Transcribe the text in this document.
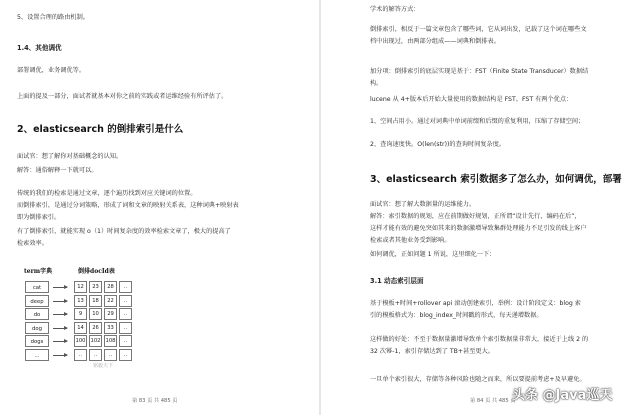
5、设置合理的路由机制。
1.4、其他调优
部署调优，业务调优等。
上面的提及一部分，面试者就基本对你之前的实践或者运维经验有所评估了。
2、elasticsearch 的倒排索引是什么
面试官：想了解你对基础概念的认知。
解答：通俗解释一下就可以。
传统的我们的检索是通过文章，逐个遍历找到对应关键词的位置。
而倒排索引，是通过分词策略，形成了词和文章的映射关系表，这种词典+映射表
即为倒排索引。
有了倒排索引，就能实现 o（1）时间复杂度的效率检索文章了，极大的提高了
检索效率。
term字典	倒排docId表
cat	12	23	28	..
deep	13	18	22	..
do	9	10	29	..
dog	14	26	33	..
dogs	100 102 108	..
...	..	..	..	..
铭毅天下
第 83 页 共 485 页
学术的解答方式：
倒排索引，相反于一篇文章包含了哪些词，它从词出发，记载了这个词在哪些文
档中出现过，由两部分组成——词典和倒排表。
加分项：倒排索引的底层实现是基于：FST（Finite State Transducer）数据结
构。
lucene 从 4+版本后开始大量使用的数据结构是 FST。FST 有两个优点：
1、空间占用小。通过对词典中单词前缀和后缀的重复利用，压缩了存储空间；
2、查询速度快。O(len(str))的查询时间复杂度。
3、elasticsearch 索引数据多了怎么办，如何调优，部署
面试官：想了解大数据量的运维能力。
解答：索引数据的规划，应在前期做好规划，正所谓“设计先行，编码在后”，
这样才能有效的避免突如其来的数据激增导致集群处理能力不足引发的线上客户
检索或者其他业务受到影响。
如何调优，正如问题 1 所说，这里细化一下：
3.1 动态索引层面
基于模板+时间+rollover api 滚动创建索引，举例：设计阶段定义：blog 索
引的模板格式为：blog_index_时间戳的形式，每天递增数据。
这样做的好处：不至于数据量激增导致单个索引数据量非常大，接近于上线 2 的
32 次幂-1，索引存储达到了 TB+甚至更大。
一旦单个索引很大，存储等各种风险也随之而来，所以要提前考虑+及早避免。
第 84 页 共 485 页
头条 @Java巡天
